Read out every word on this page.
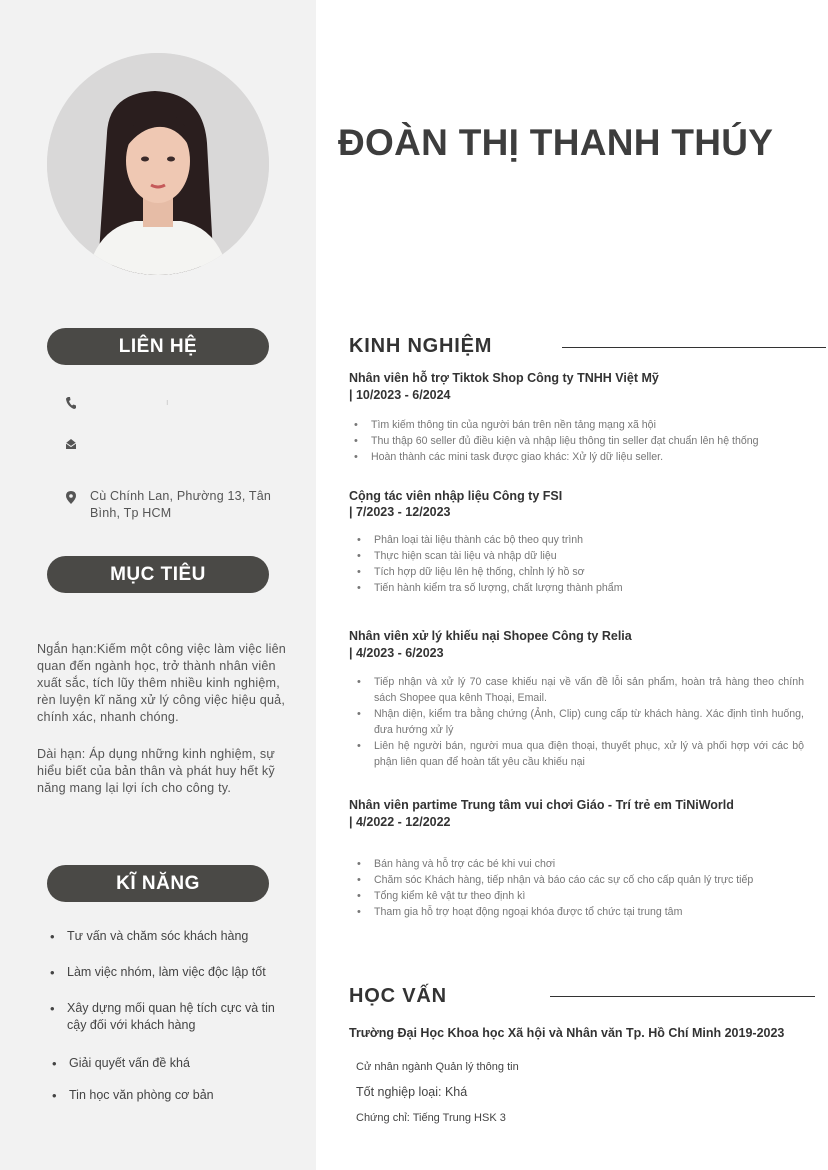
ĐOÀN THỊ THANH THÚY
LIÊN HỆ
ı
Cù Chính Lan, Phường 13, Tân Bình, Tp HCM
MỤC TIÊU
Ngắn hạn:Kiếm một công việc làm việc liên quan đến ngành học, trở thành nhân viên xuất sắc, tích lũy thêm nhiều kinh nghiệm, rèn luyện kĩ năng xử lý công việc hiệu quả, chính xác, nhanh chóng.
Dài hạn: Áp dụng những kinh nghiệm, sự hiểu biết của bản thân và phát huy hết kỹ năng mang lại lợi ích cho công ty.
KĨ NĂNG
• Tư vấn và chăm sóc khách hàng
• Làm việc nhóm, làm việc độc lập tốt
• Xây dựng mối quan hệ tích cực và tin cậy đối với khách hàng
• Giải quyết vấn đề khá
• Tin học văn phòng cơ bản
KINH NGHIỆM
Nhân viên hỗ trợ Tiktok Shop Công ty TNHH Việt Mỹ
| 10/2023 - 6/2024
• Tìm kiếm thông tin của người bán trên nền tảng mạng xã hội
• Thu thập 60 seller đủ điều kiện và nhập liệu thông tin seller đạt chuẩn lên hệ thống
• Hoàn thành các mini task được giao khác: Xử lý dữ liệu seller.
Cộng tác viên nhập liệu Công ty FSI
| 7/2023 - 12/2023
• Phân loại tài liệu thành các bộ theo quy trình
• Thực hiện scan tài liệu và nhập dữ liệu
• Tích hợp dữ liệu lên hệ thống, chỉnh lý hồ sơ
• Tiến hành kiểm tra số lượng, chất lượng thành phẩm
Nhân viên xử lý khiếu nại Shopee Công ty Relia
| 4/2023 - 6/2023
• Tiếp nhận và xử lý 70 case khiếu nại về vấn đề lỗi sản phẩm, hoàn trả hàng theo chính sách Shopee qua kênh Thoại, Email.
• Nhận diện, kiểm tra bằng chứng (Ảnh, Clip) cung cấp từ khách hàng. Xác định tình huống, đưa hướng xử lý
• Liên hệ người bán, người mua qua điện thoại, thuyết phục, xử lý và phối hợp với các bộ phận liên quan để hoàn tất yêu cầu khiếu nại
Nhân viên partime Trung tâm vui chơi Giáo - Trí trẻ em TiNiWorld
| 4/2022 - 12/2022
• Bán hàng và hỗ trợ các bé khi vui chơi
• Chăm sóc Khách hàng, tiếp nhận và báo cáo các sự cố cho cấp quản lý trực tiếp
• Tổng kiểm kê vật tư theo định kì
• Tham gia hỗ trợ hoạt động ngoại khóa được tổ chức tại trung tâm
HỌC VẤN
Trường Đại Học Khoa học Xã hội và Nhân văn Tp. Hồ Chí Minh 2019-2023
Cử nhân ngành Quản lý thông tin
Tốt nghiệp loại: Khá
Chứng chỉ: Tiếng Trung HSK 3
